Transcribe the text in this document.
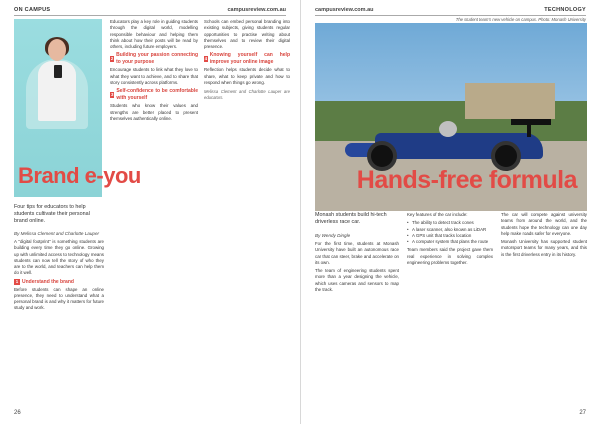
ON CAMPUS	campusreview.com.au
Brand e-you
Four tips for educators to help students cultivate their personal brand online.
By Melissa Clement and Charlotte Lauper

A "digital footprint" is something students are building every time they go online. Growing up with unlimited access to technology means students can now tell the story of who they are to the world, and teachers can help them do it well.

1 Understand the brand

Before students can shape an online presence, they need to understand what a personal brand is and why it matters for future study and work.

Educators play a key role in guiding students through the digital world, modelling responsible behaviour and helping them think about how their posts will be read by others, including future employers.

2
Building your passion connecting to your purpose

Encourage students to link what they love to what they want to achieve, and to share that story consistently across platforms.

3
Self-confidence to be comfortable with yourself

Students who know their values and strengths are better placed to present themselves authentically online.

Schools can embed personal branding into existing subjects, giving students regular opportunities to practise writing about themselves and to review their digital presence.

4
Knowing yourself can help improve your online image

Reflection helps students decide what to share, what to keep private and how to respond when things go wrong.

Melissa Clement and Charlotte Lauper are educators.

26
campusreview.com.au	TECHNOLOGY
The student team's new vehicle on campus. Photo: Monash University
Hands-free formula
Monash students build hi-tech driverless race car.
By Wendy Dingle

For the first time, students at Monash University have built an autonomous race car that can steer, brake and accelerate on its own.

The team of engineering students spent more than a year designing the vehicle, which uses cameras and sensors to map the track.

Key features of the car include:

• The ability to detect track cones
• A laser scanner, also known as LiDAR
• A GPS unit that tracks location
• A computer system that plans the route

Team members said the project gave them real experience in solving complex engineering problems together.

The car will compete against university teams from around the world, and the students hope the technology can one day help make roads safer for everyone.

Monash University has supported student motorsport teams for many years, and this is the first driverless entry in its history.

27
